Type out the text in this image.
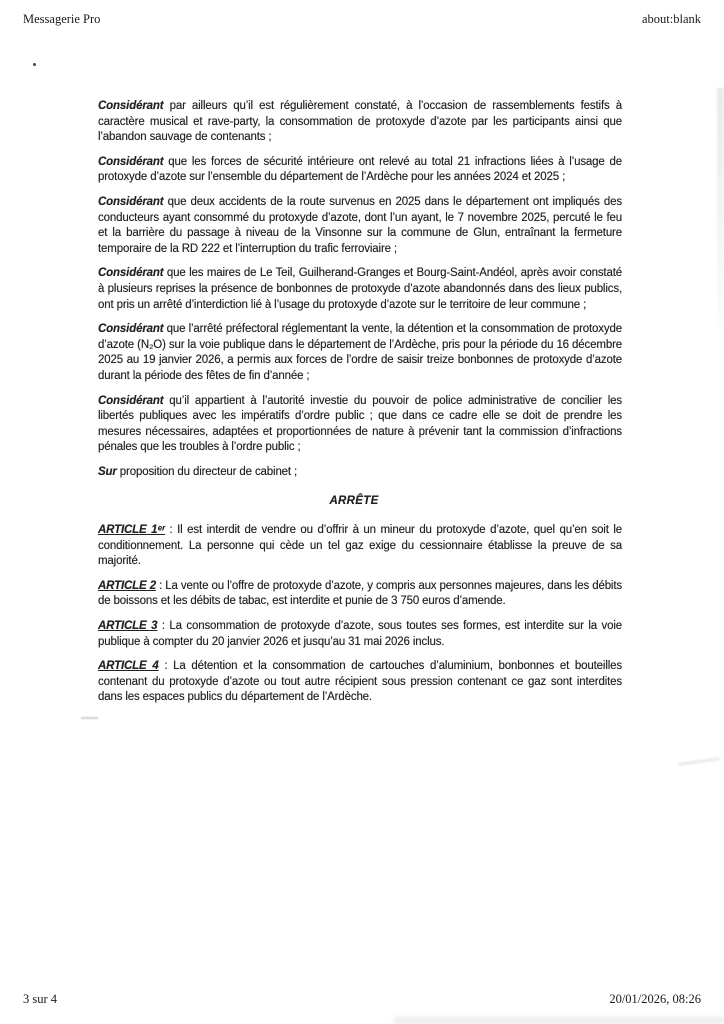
Messagerie Pro	about:blank

Considérant par ailleurs qu’il est régulièrement constaté, à l’occasion de rassemblements festifs à caractère musical et rave-party, la consommation de protoxyde d’azote par les participants ainsi que l’abandon sauvage de contenants ;

Considérant que les forces de sécurité intérieure ont relevé au total 21 infractions liées à l’usage de protoxyde d’azote sur l’ensemble du département de l’Ardèche pour les années 2024 et 2025 ;

Considérant que deux accidents de la route survenus en 2025 dans le département ont impliqués des conducteurs ayant consommé du protoxyde d’azote, dont l’un ayant, le 7 novembre 2025, percuté le feu et la barrière du passage à niveau de la Vinsonne sur la commune de Glun, entraînant la fermeture temporaire de la RD 222 et l’interruption du trafic ferroviaire ;

Considérant que les maires de Le Teil, Guilherand-Granges et Bourg-Saint-Andéol, après avoir constaté à plusieurs reprises la présence de bonbonnes de protoxyde d’azote abandonnés dans des lieux publics, ont pris un arrêté d’interdiction lié à l’usage du protoxyde d’azote sur le territoire de leur commune ;

Considérant que l’arrêté préfectoral réglementant la vente, la détention et la consommation de protoxyde d’azote (N₂O) sur la voie publique dans le département de l’Ardèche, pris pour la période du 16 décembre 2025 au 19 janvier 2026, a permis aux forces de l’ordre de saisir treize bonbonnes de protoxyde d’azote durant la période des fêtes de fin d’année ;

Considérant qu’il appartient à l’autorité investie du pouvoir de police administrative de concilier les libertés publiques avec les impératifs d’ordre public ; que dans ce cadre elle se doit de prendre les mesures nécessaires, adaptées et proportionnées de nature à prévenir tant la commission d’infractions pénales que les troubles à l’ordre public ;

Sur proposition du directeur de cabinet ;

ARRÊTE

ARTICLE 1ᵉʳ : Il est interdit de vendre ou d’offrir à un mineur du protoxyde d’azote, quel qu’en soit le conditionnement. La personne qui cède un tel gaz exige du cessionnaire établisse la preuve de sa majorité.

ARTICLE 2 : La vente ou l’offre de protoxyde d’azote, y compris aux personnes majeures, dans les débits de boissons et les débits de tabac, est interdite et punie de 3 750 euros d’amende.

ARTICLE 3 : La consommation de protoxyde d’azote, sous toutes ses formes, est interdite sur la voie publique à compter du 20 janvier 2026 et jusqu’au 31 mai 2026 inclus.

ARTICLE 4 : La détention et la consommation de cartouches d’aluminium, bonbonnes et bouteilles contenant du protoxyde d’azote ou tout autre récipient sous pression contenant ce gaz sont interdites dans les espaces publics du département de l’Ardèche.

3 sur 4	20/01/2026, 08:26
